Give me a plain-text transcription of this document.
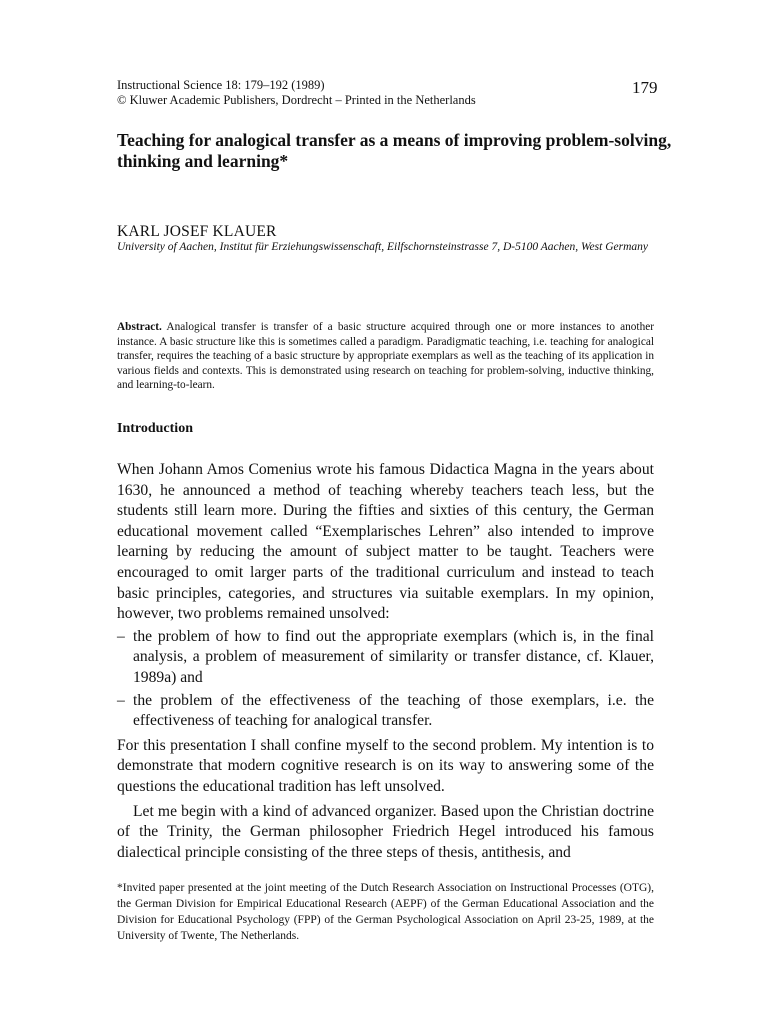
Instructional Science 18: 179–192 (1989)
© Kluwer Academic Publishers, Dordrecht – Printed in the Netherlands
179
Teaching for analogical transfer as a means of improving problem-solving, thinking and learning*
KARL JOSEF KLAUER
University of Aachen, Institut für Erziehungswissenschaft, Eilfschornsteinstrasse 7, D-5100 Aachen, West Germany

Abstract. Analogical transfer is transfer of a basic structure acquired through one or more instances to another instance. A basic structure like this is sometimes called a paradigm. Paradigmatic teaching, i.e. teaching for analogical transfer, requires the teaching of a basic structure by appropriate exemplars as well as the teaching of its application in various fields and contexts. This is demonstrated using research on teaching for problem-solving, inductive thinking, and learning-to-learn.

Introduction

When Johann Amos Comenius wrote his famous Didactica Magna in the years about 1630, he announced a method of teaching whereby teachers teach less, but the students still learn more. During the fifties and sixties of this century, the German educational movement called “Exemplarisches Lehren” also intended to improve learning by reducing the amount of subject matter to be taught. Teachers were encouraged to omit larger parts of the traditional curriculum and instead to teach basic principles, categories, and structures via suitable exemplars. In my opinion, however, two problems remained unsolved:

– the problem of how to find out the appropriate exemplars (which is, in the final analysis, a problem of measurement of similarity or transfer distance, cf. Klauer, 1989a) and
– the problem of the effectiveness of the teaching of those exemplars, i.e. the effectiveness of teaching for analogical transfer.

For this presentation I shall confine myself to the second problem. My intention is to demonstrate that modern cognitive research is on its way to answering some of the questions the educational tradition has left unsolved.

Let me begin with a kind of advanced organizer. Based upon the Christian doctrine of the Trinity, the German philosopher Friedrich Hegel introduced his famous dialectical principle consisting of the three steps of thesis, antithesis, and

*Invited paper presented at the joint meeting of the Dutch Research Association on Instructional Processes (OTG), the German Division for Empirical Educational Research (AEPF) of the German Educational Association and the Division for Educational Psychology (FPP) of the German Psychological Association on April 23-25, 1989, at the University of Twente, The Netherlands.
